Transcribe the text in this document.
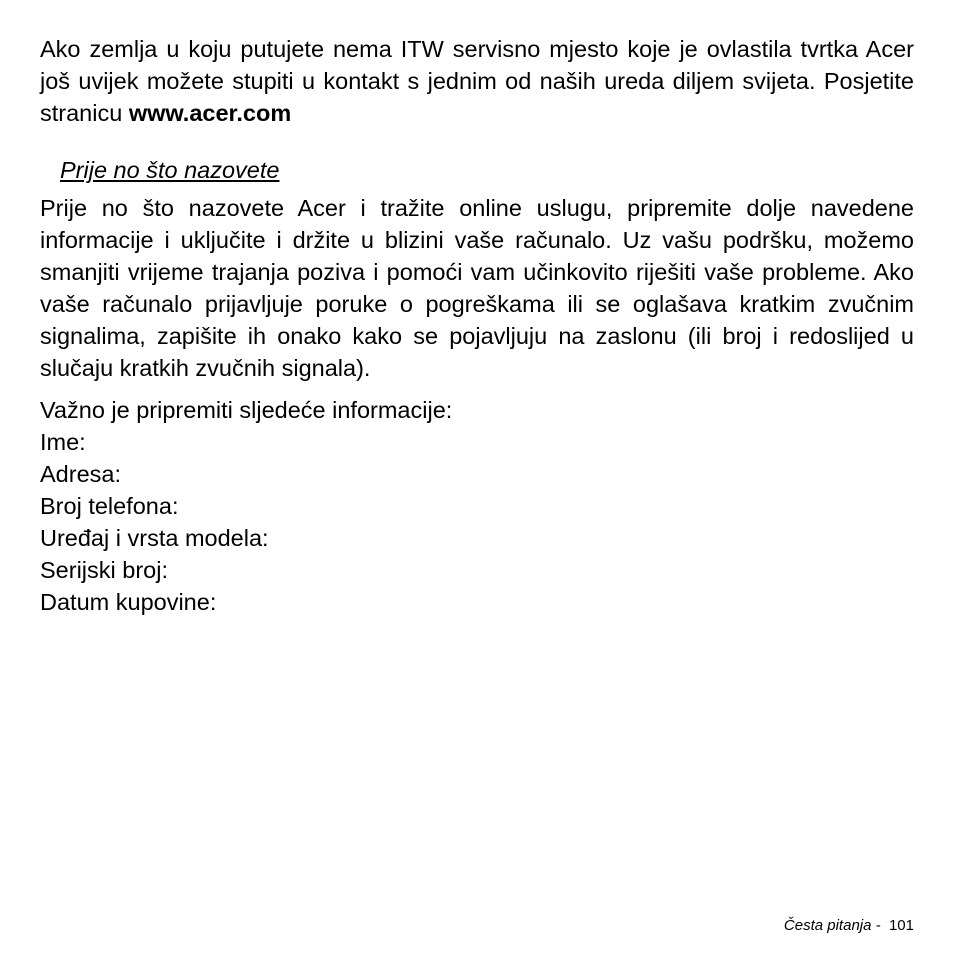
Ako zemlja u koju putujete nema ITW servisno mjesto koje je ovlastila tvrtka Acer još uvijek možete stupiti u kontakt s jednim od naših ureda diljem svijeta. Posjetite stranicu www.acer.com

Prije no što nazovete

Prije no što nazovete Acer i tražite online uslugu, pripremite dolje navedene informacije i uključite i držite u blizini vaše računalo. Uz vašu podršku, možemo smanjiti vrijeme trajanja poziva i pomoći vam učinkovito riješiti vaše probleme. Ako vaše računalo prijavljuje poruke o pogreškama ili se oglašava kratkim zvučnim signalima, zapišite ih onako kako se pojavljuju na zaslonu (ili broj i redoslijed u slučaju kratkih zvučnih signala).

Važno je pripremiti sljedeće informacije:
Ime:
Adresa:
Broj telefona:
Uređaj i vrsta modela:
Serijski broj:
Datum kupovine:
Česta pitanja - 101
